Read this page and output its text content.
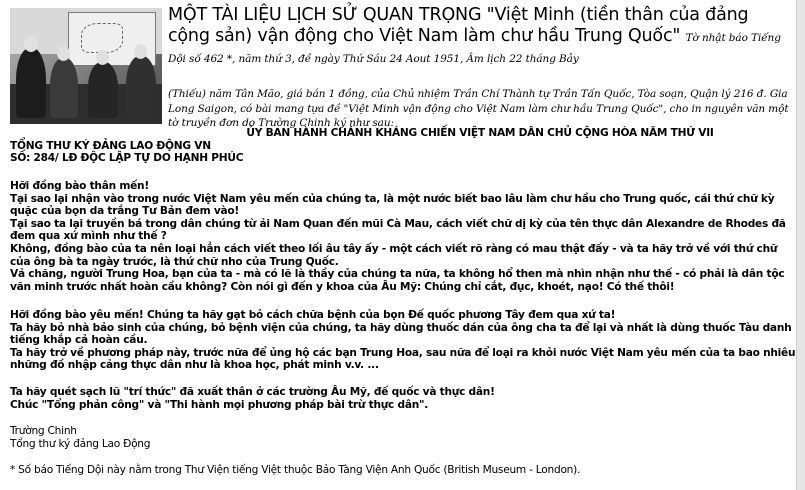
MỘT TÀI LIỆU LỊCH SỬ QUAN TRỌNG "Việt Minh (tiền thân của đảng cộng sản) vận động cho Việt Nam làm chư hầu Trung Quốc" Tờ nhật báo Tiếng Dội số 462 *, năm thứ 3, đề ngày Thứ Sáu 24 Aout 1951, Âm lịch 22 tháng Bảy

(Thiếu) năm Tân Mão, giá bán 1 đồng, của Chủ nhiệm Trần Chí Thành tự Trần Tấn Quốc, Tòa soạn, Quận lý 216 đ. Gia Long Saigon, có bài mang tựa đề "Việt Minh vận động cho Việt Nam làm chư hầu Trung Quốc", cho in nguyên văn một tờ truyền đơn do Trường Chinh ký như sau:

ỦY BAN HÀNH CHÁNH KHÁNG CHIẾN VIỆT NAM DÂN CHỦ CỘNG HÒA NĂM THỨ VII
TỔNG THƯ KÝ ĐẢNG LAO ĐỘNG VN
SỐ: 284/ LĐ ĐỘC LẬP TỰ DO HẠNH PHÚC

Hỡi đồng bào thân mến!
Tại sao lại nhận vào trong nước Việt Nam yêu mến của chúng ta, là một nước biết bao lâu làm chư hầu cho Trung quốc, cái thứ chữ kỳ quặc của bọn da trắng Tư Bản đem vào!
Tại sao ta lại truyền bá trong dân chúng từ ải Nam Quan đến mũi Cà Mau, cách viết chữ dị kỳ của tên thực dân Alexandre de Rhodes đã đem qua xứ mình như thế ?
Không, đồng bào của ta nên loại hẳn cách viết theo lối âu tây ấy - một cách viết rõ ràng có mau thật đấy - và ta hãy trở về với thứ chữ của ông bà ta ngày trước, là thứ chữ nho của Trung Quốc.
Vả chăng, người Trung Hoa, bạn của ta - mà có lẽ là thầy của chúng ta nữa, ta không hổ then mà nhìn nhận như thế - có phải là dân tộc văn minh trước nhất hoàn cầu không? Còn nói gì đến y khoa của Âu Mỹ: Chúng chỉ cắt, đục, khoét, nạo! Có thế thôi!

Hỡi đồng bào yêu mến! Chúng ta hãy gạt bỏ cách chữa bệnh của bọn Đế quốc phương Tây đem qua xứ ta!
Ta hãy bỏ nhà bảo sinh của chúng, bỏ bệnh viện của chúng, ta hãy dùng thuốc dán của ông cha ta để lại và nhất là dùng thuốc Tàu danh tiếng khắp cả hoàn cầu.
Ta hãy trở về phương pháp này, trước nữa để ủng hộ các bạn Trung Hoa, sau nữa để loại ra khỏi nước Việt Nam yêu mến của ta bao nhiêu những đồ nhập cảng thực dân như là khoa học, phát minh v.v. ...

Ta hãy quét sạch lũ "trí thức" đã xuất thân ở các trường Âu Mỹ, đế quốc và thực dân!
Chúc "Tổng phản công" và "Thi hành mọi phương pháp bài trừ thực dân".

Trường Chinh
Tổng thư ký đảng Lao Động

* Số báo Tiếng Dội này nằm trong Thư Viện tiếng Việt thuộc Bảo Tàng Viện Anh Quốc (British Museum - London).
